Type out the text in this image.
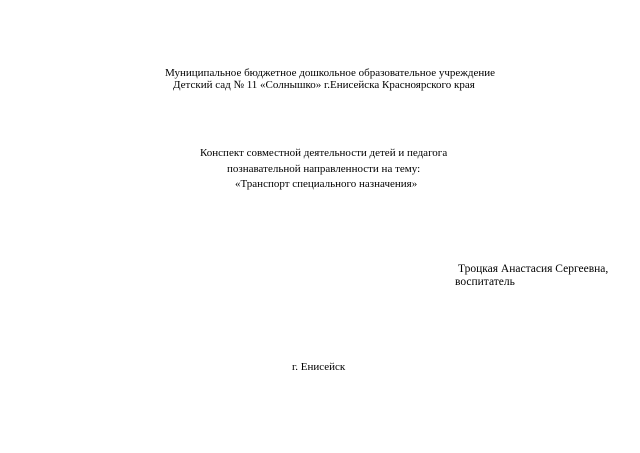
Муниципальное бюджетное дошкольное образовательное учреждение
Детский сад № 11 «Солнышко» г.Енисейска Красноярского края
Конспект совместной деятельности детей и педагога
познавательной направленности на тему:
«Транспорт специального назначения»
Троцкая Анастасия Сергеевна,
воспитатель
г. Енисейск
